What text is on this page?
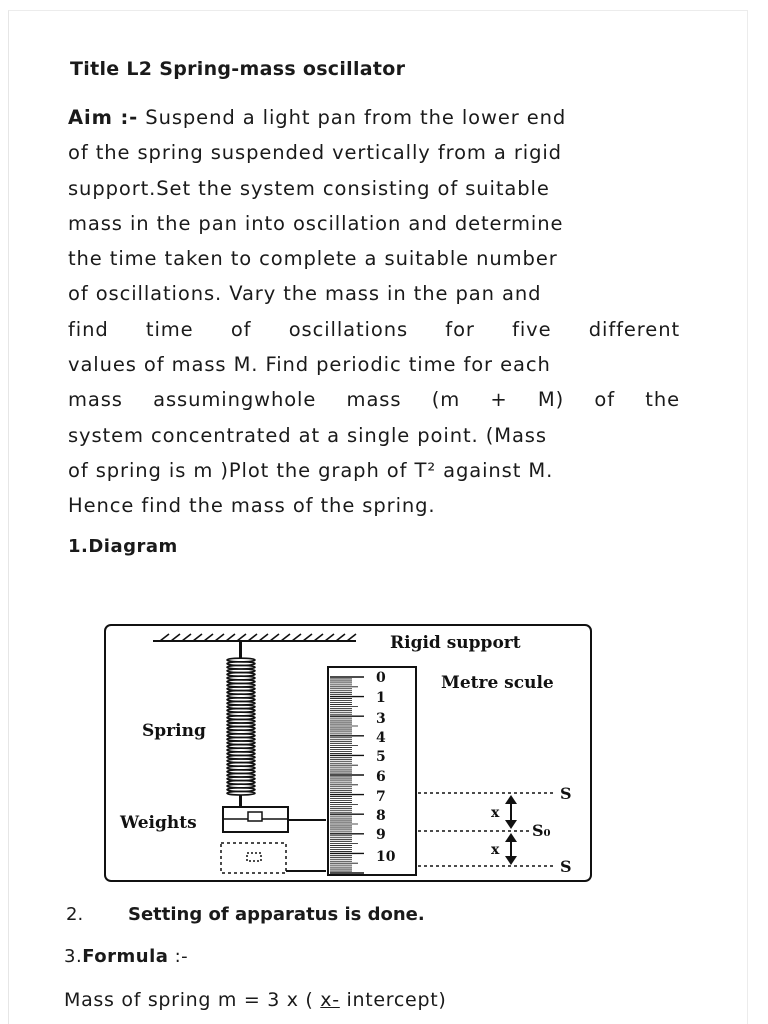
Title L2 Spring-mass oscillator
Aim :- Suspend a light pan from the lower end
of the spring suspended vertically from a rigid
support.Set the system consisting of suitable
mass in the pan into oscillation and determine
the time taken to complete a suitable number
of oscillations. Vary the mass in the pan and
find time of oscillations for five different
values of mass M. Find periodic time for each
mass assumingwhole mass (m + M) of the
system concentrated at a single point. (Mass
of spring is m )Plot the graph of T² against M.
Hence find the mass of the spring.
1.Diagram
Rigid support
Spring
Weights
0
1
3
4
5
6
7
8
9
10
Metre scule
S
S
S₀
x
x
2. Setting of apparatus is done.
3.Formula :-
Mass of spring m = 3 x ( x- intercept)
